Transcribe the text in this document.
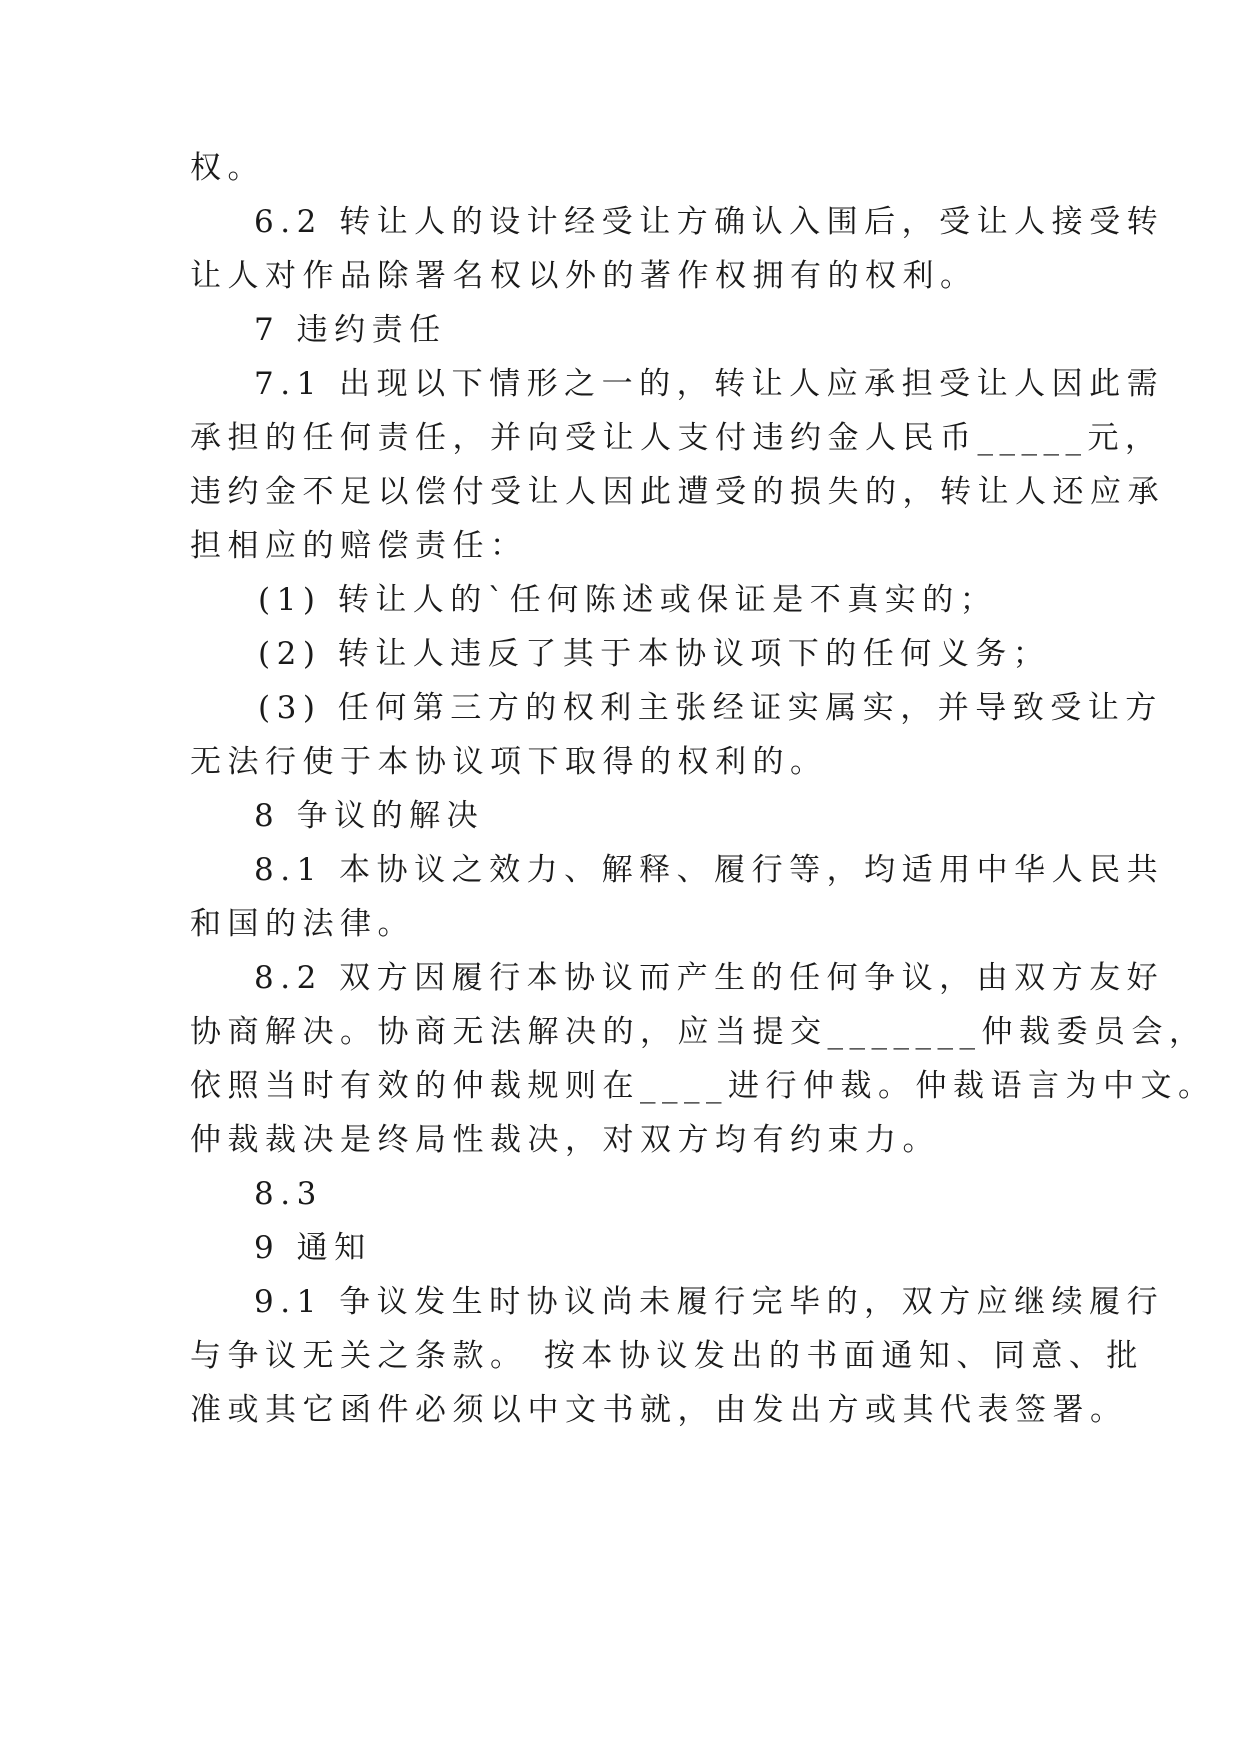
权。
6.2 转让人的设计经受让方确认入围后，受让人接受转
让人对作品除署名权以外的著作权拥有的权利。
7 违约责任
7.1 出现以下情形之一的，转让人应承担受让人因此需
承担的任何责任，并向受让人支付违约金人民币_____元，
违约金不足以偿付受让人因此遭受的损失的，转让人还应承
担相应的赔偿责任：
(1) 转让人的`任何陈述或保证是不真实的；
(2) 转让人违反了其于本协议项下的任何义务；
(3) 任何第三方的权利主张经证实属实，并导致受让方
无法行使于本协议项下取得的权利的。
8 争议的解决
8.1 本协议之效力、解释、履行等，均适用中华人民共
和国的法律。
8.2 双方因履行本协议而产生的任何争议，由双方友好
协商解决。协商无法解决的，应当提交_______仲裁委员会，
依照当时有效的仲裁规则在____进行仲裁。仲裁语言为中文。
仲裁裁决是终局性裁决，对双方均有约束力。
8.3
9 通知
9.1 争议发生时协议尚未履行完毕的，双方应继续履行
与争议无关之条款。 按本协议发出的书面通知、同意、批
准或其它函件必须以中文书就，由发出方或其代表签署。
